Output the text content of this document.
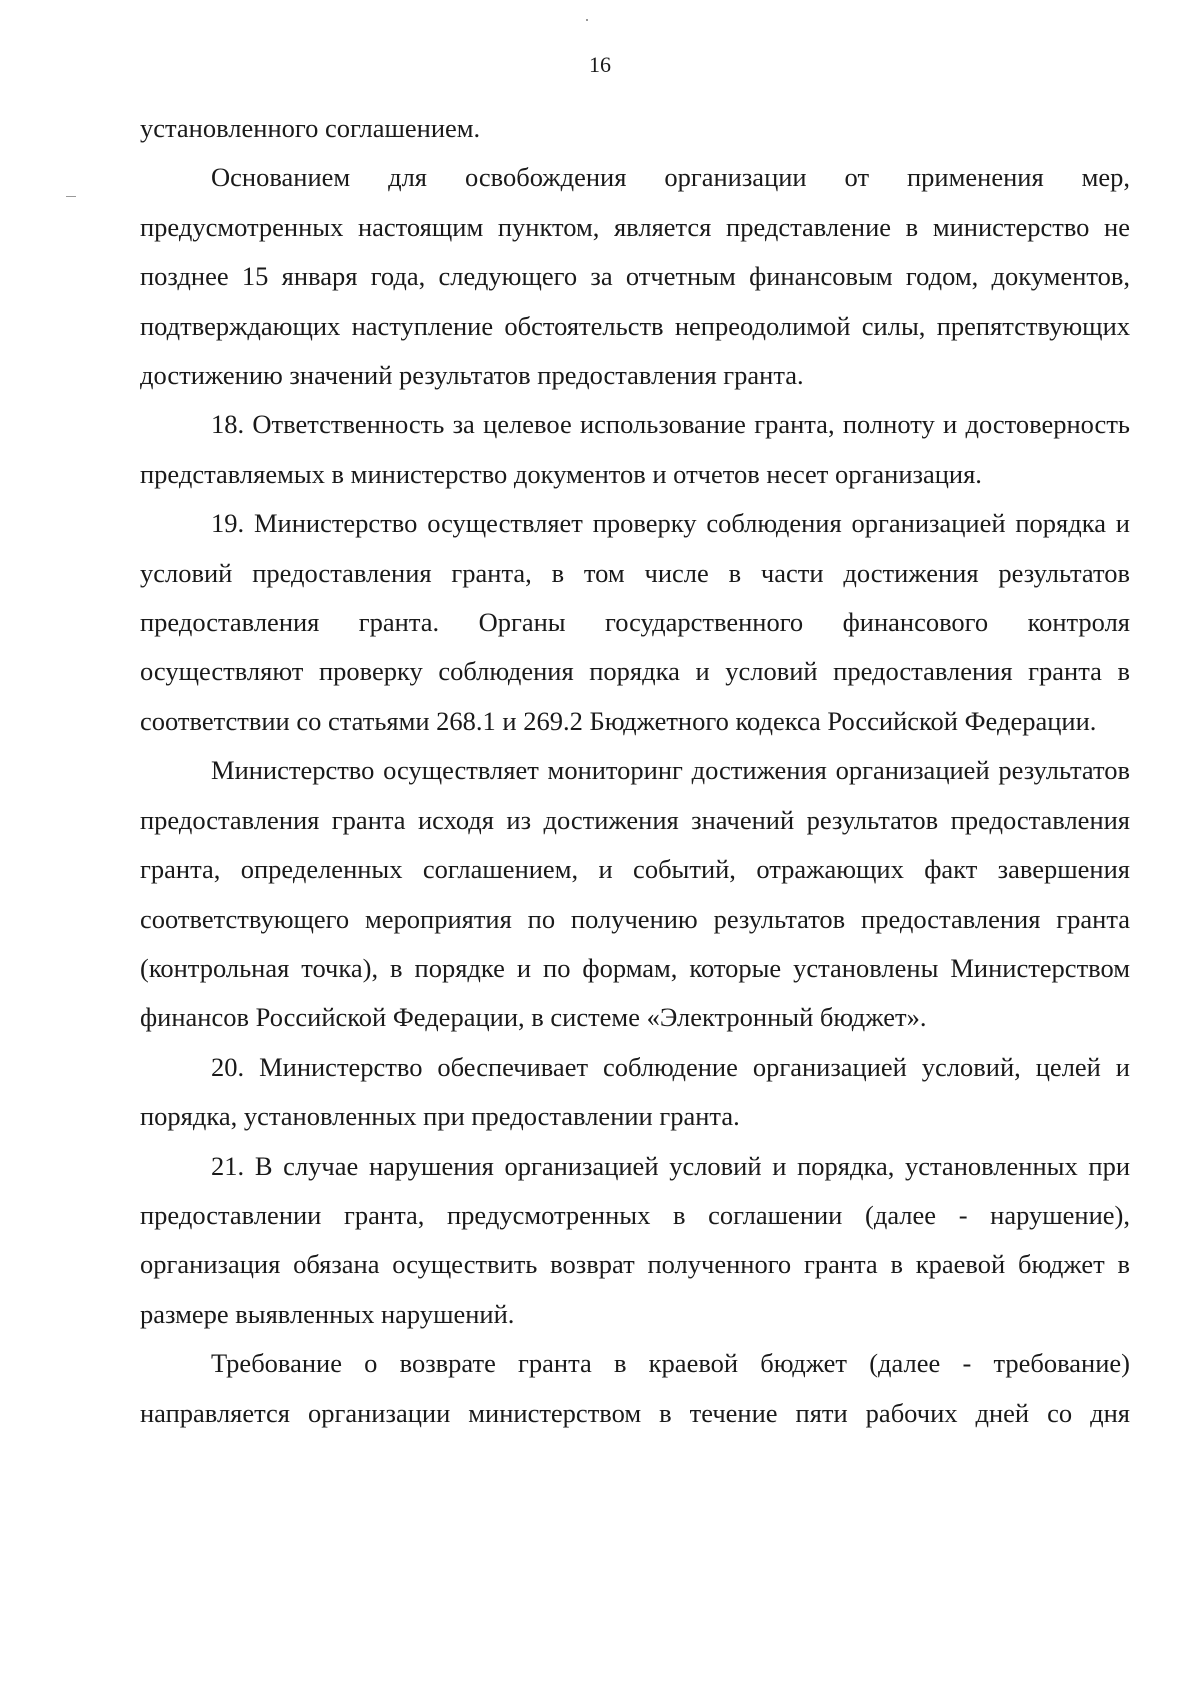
16

установленного соглашением.

Основанием для освобождения организации от применения мер, предусмотренных настоящим пунктом, является представление в министерство не позднее 15 января года, следующего за отчетным финансовым годом, документов, подтверждающих наступление обстоятельств непреодолимой силы, препятствующих достижению значений результатов предоставления гранта.

18. Ответственность за целевое использование гранта, полноту и достоверность представляемых в министерство документов и отчетов несет организация.

19. Министерство осуществляет проверку соблюдения организацией порядка и условий предоставления гранта, в том числе в части достижения результатов предоставления гранта. Органы государственного финансового контроля осуществляют проверку соблюдения порядка и условий предоставления гранта в соответствии со статьями 268.1 и 269.2 Бюджетного кодекса Российской Федерации.

Министерство осуществляет мониторинг достижения организацией результатов предоставления гранта исходя из достижения значений результатов предоставления гранта, определенных соглашением, и событий, отражающих факт завершения соответствующего мероприятия по получению результатов предоставления гранта (контрольная точка), в порядке и по формам, которые установлены Министерством финансов Российской Федерации, в системе «Электронный бюджет».

20. Министерство обеспечивает соблюдение организацией условий, целей и порядка, установленных при предоставлении гранта.

21. В случае нарушения организацией условий и порядка, установленных при предоставлении гранта, предусмотренных в соглашении (далее - нарушение), организация обязана осуществить возврат полученного гранта в краевой бюджет в размере выявленных нарушений.

Требование о возврате гранта в краевой бюджет (далее - требование) направляется организации министерством в течение пяти рабочих дней со дня
